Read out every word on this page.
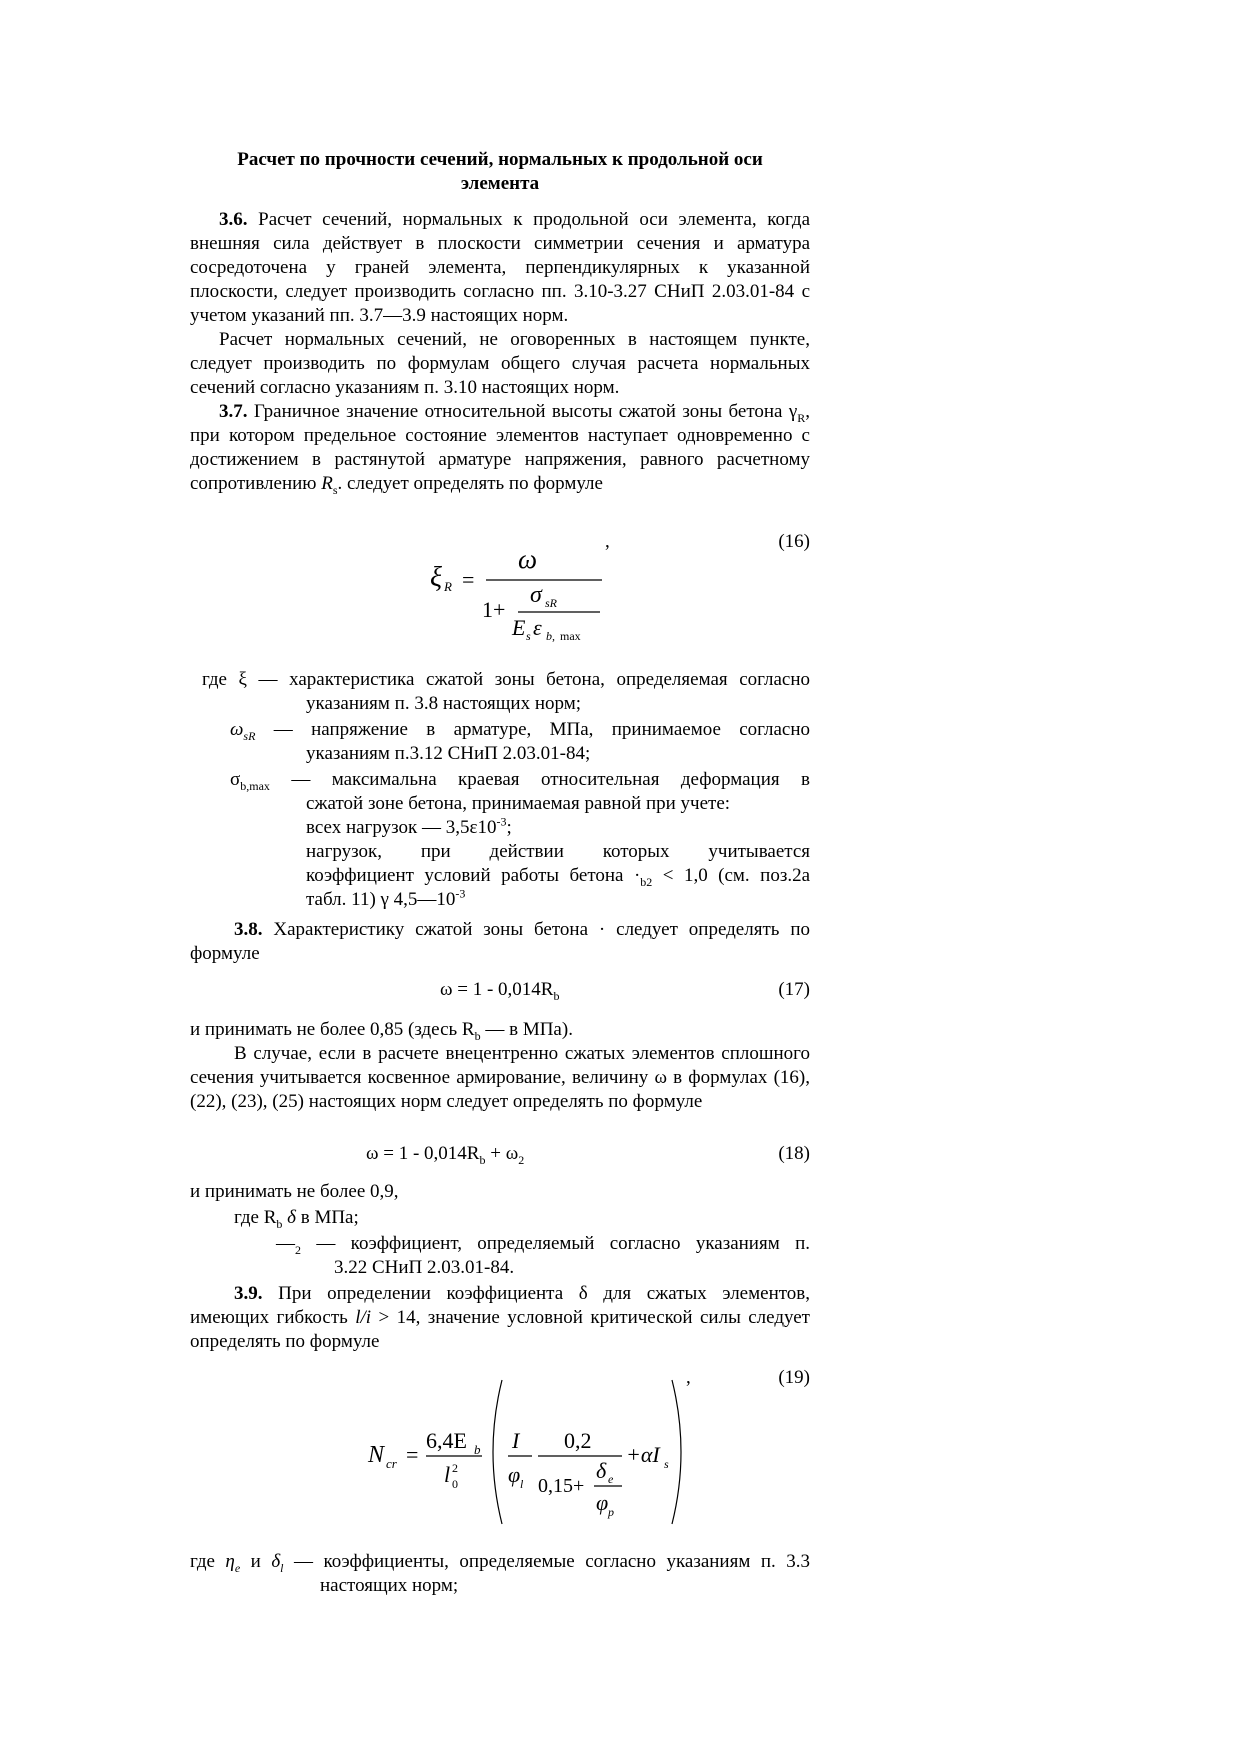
Расчет по прочности сечений, нормальных к продольной оси
элемента
3.6. Расчет сечений, нормальных к продольной оси элемента, когда внешняя сила действует в плоскости симметрии сечения и арматура сосредоточена у граней элемента, перпендикулярных к указанной плоскости, следует производить согласно пп. 3.10-3.27 СНиП 2.03.01-84 с учетом указаний пп. 3.7—3.9 настоящих норм.
Расчет нормальных сечений, не оговоренных в настоящем пункте, следует производить по формулам общего случая расчета нормальных сечений согласно указаниям п. 3.10 настоящих норм.
3.7. Граничное значение относительной высоты сжатой зоны бетона $\gamma_R$, при котором предельное состояние элементов наступает одновременно с достижением в растянутой арматуре напряжения, равного расчетному сопротивлению $R_s$. следует определять по формуле
,	(16)
ξ R =
ω
1+
σ sR
E s ε b, max
где ξ — характеристика сжатой зоны бетона, определяемая согласно
указаниям п. 3.8 настоящих норм;
$\omega_{sR}$ — напряжение в арматуре, МПа, принимаемое согласно
указаниям п.3.12 СНиП 2.03.01-84;
$\sigma_{b,max}$ — максимальна краевая относительная деформация в
сжатой зоне бетона, принимаемая равной при учете:
всех нагрузок — $3,5\varepsilon 10^{-3}$;
нагрузок, при действии которых учитывается
коэффициент условий работы бетона $\cdot_{b2} < 1,0$ (см. поз.2а
табл. 11) γ $4,5—10^{-3}$
3.8. Характеристику сжатой зоны бетона · следует определять по формуле
$\omega = 1 - 0,014R_b$	(17)
и принимать не более 0,85 (здесь $R_b$ — в МПа).
В случае, если в расчете внецентренно сжатых элементов сплошного сечения учитывается косвенное армирование, величину ω в формулах (16), (22), (23), (25) настоящих норм следует определять по формуле
$\omega = 1 - 0,014R_b + \omega_2$	(18)
и принимать не более 0,9,
где $R_b$ δ в МПа;
$—_2$ — коэффициент, определяемый согласно указаниям п.
3.22 СНиП 2.03.01-84.
3.9. При определении коэффициента δ для сжатых элементов, имеющих гибкость l/i > 14, значение условной критической силы следует определять по формуле
,	(19)
N cr =
6,4E b
l 2
0
I
φ l
0,2
0,15+
δ e
φ p
+αI s
где $\eta_e$ и $\delta_l$ — коэффициенты, определяемые согласно указаниям п. 3.3
настоящих норм;
